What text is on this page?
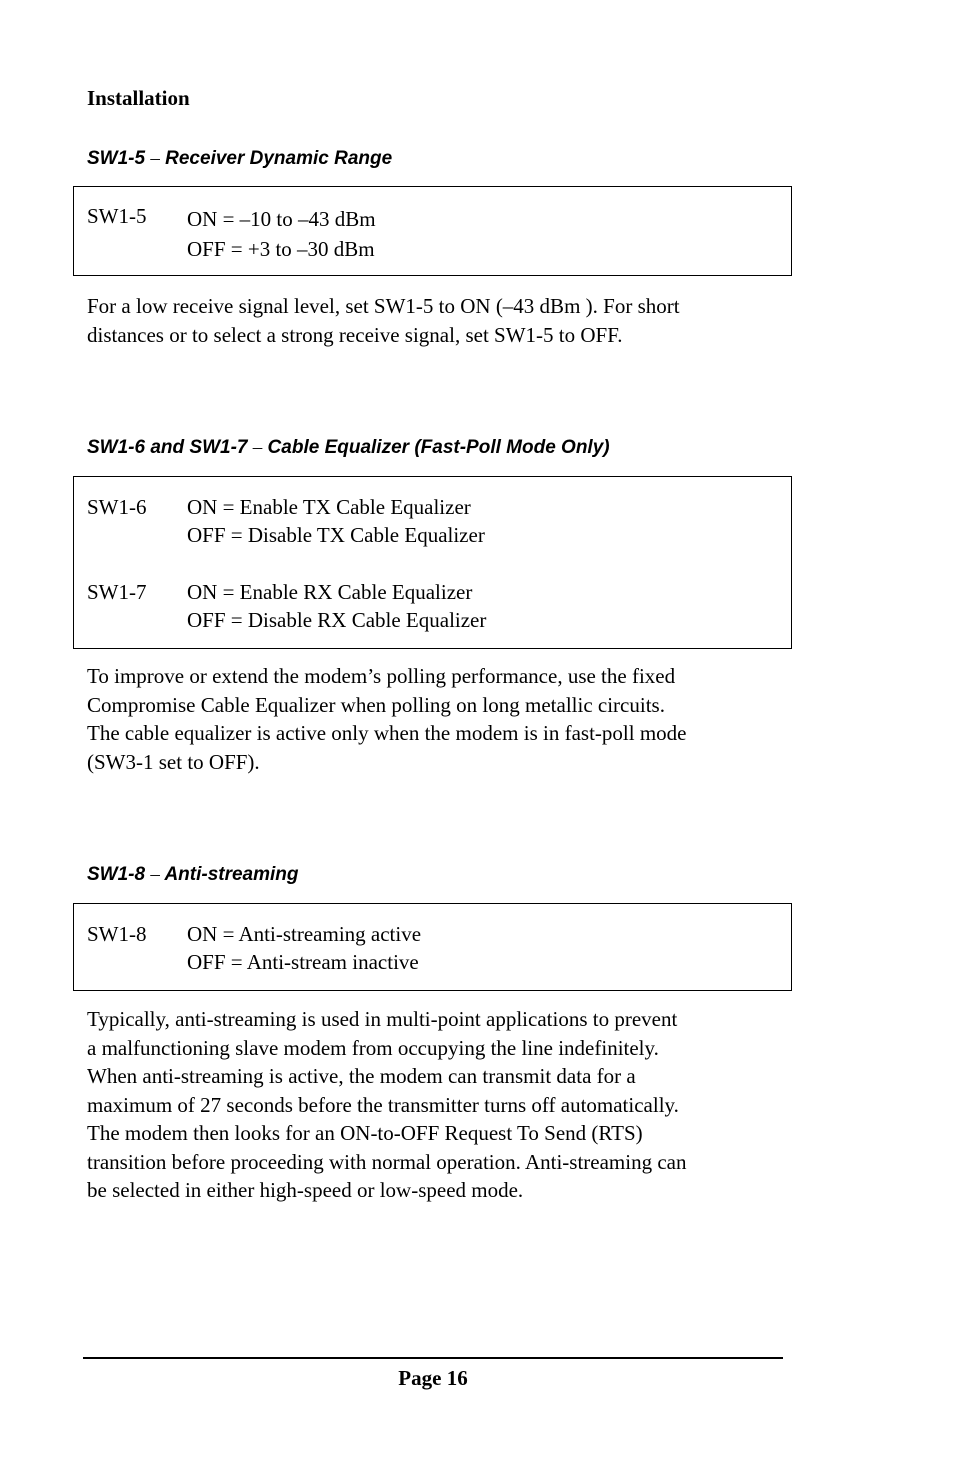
Installation
SW1-5 – Receiver Dynamic Range
SW1-5 ON = –10 to –43 dBm
OFF = +3 to –30 dBm
For a low receive signal level, set SW1-5 to ON (–43 dBm ). For short
distances or to select a strong receive signal, set SW1-5 to OFF.
SW1-6 and SW1-7 – Cable Equalizer (Fast-Poll Mode Only)
SW1-6 ON = Enable TX Cable Equalizer
OFF = Disable TX Cable Equalizer
SW1-7 ON = Enable RX Cable Equalizer
OFF = Disable RX Cable Equalizer
To improve or extend the modem’s polling performance, use the fixed
Compromise Cable Equalizer when polling on long metallic circuits.
The cable equalizer is active only when the modem is in fast-poll mode
(SW3-1 set to OFF).
SW1-8 – Anti-streaming
SW1-8 ON = Anti-streaming active
OFF = Anti-stream inactive
Typically, anti-streaming is used in multi-point applications to prevent
a malfunctioning slave modem from occupying the line indefinitely.
When anti-streaming is active, the modem can transmit data for a
maximum of 27 seconds before the transmitter turns off automatically.
The modem then looks for an ON-to-OFF Request To Send (RTS)
transition before proceeding with normal operation. Anti-streaming can
be selected in either high-speed or low-speed mode.
Page 16
